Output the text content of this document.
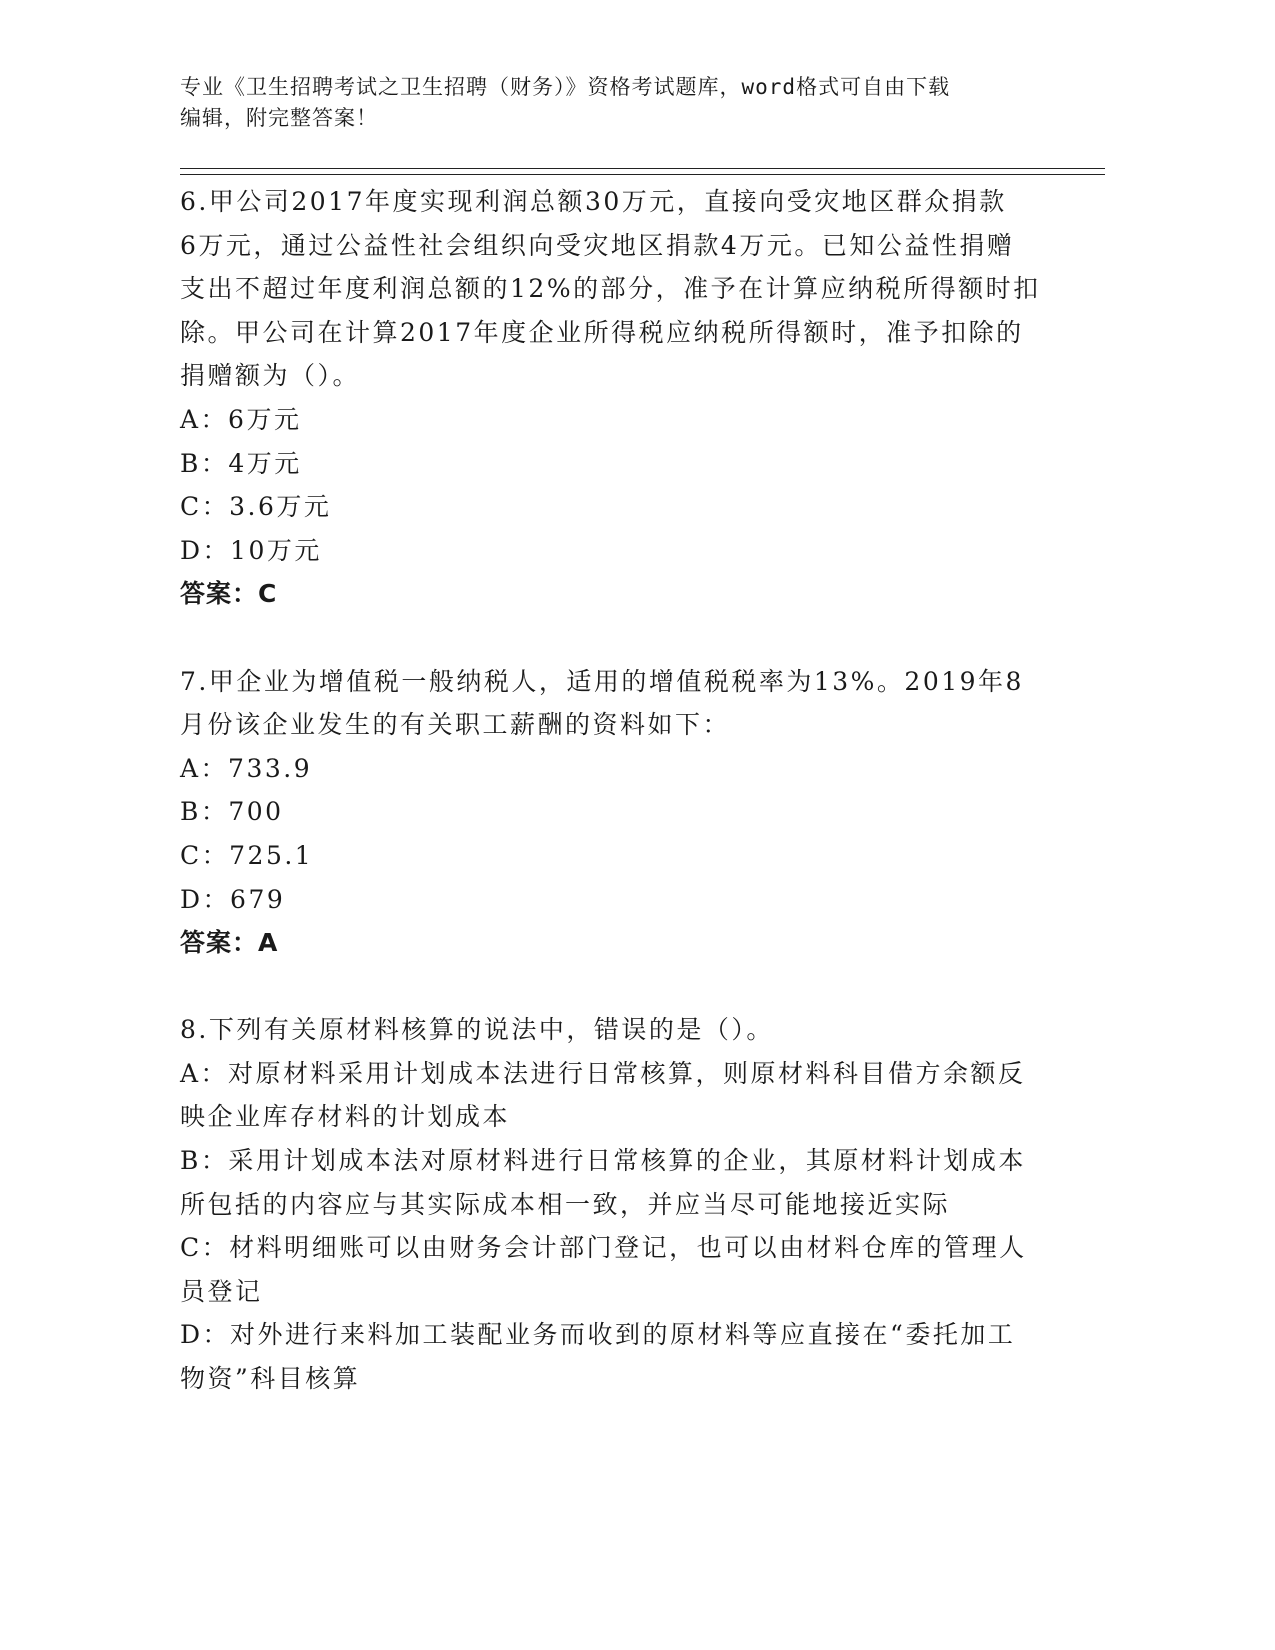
专业《卫生招聘考试之卫生招聘（财务）》资格考试题库，word格式可自由下载
编辑，附完整答案！
6.甲公司2017年度实现利润总额30万元，直接向受灾地区群众捐款
6万元，通过公益性社会组织向受灾地区捐款4万元。已知公益性捐赠
支出不超过年度利润总额的12%的部分，准予在计算应纳税所得额时扣
除。甲公司在计算2017年度企业所得税应纳税所得额时，准予扣除的
捐赠额为（）。
A：6万元
B：4万元
C：3.6万元
D：10万元
答案：C
7.甲企业为增值税一般纳税人，适用的增值税税率为13%。2019年8
月份该企业发生的有关职工薪酬的资料如下：
A：733.9
B：700
C：725.1
D：679
答案：A
8.下列有关原材料核算的说法中，错误的是（）。
A：对原材料采用计划成本法进行日常核算，则原材料科目借方余额反
映企业库存材料的计划成本
B：采用计划成本法对原材料进行日常核算的企业，其原材料计划成本
所包括的内容应与其实际成本相一致，并应当尽可能地接近实际
C：材料明细账可以由财务会计部门登记，也可以由材料仓库的管理人
员登记
D：对外进行来料加工装配业务而收到的原材料等应直接在“委托加工
物资”科目核算
